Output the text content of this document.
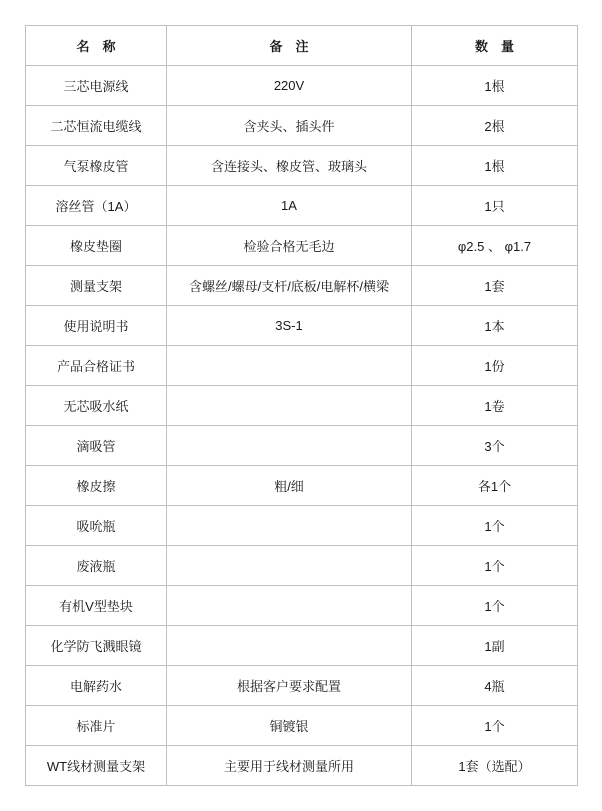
名　称	备　注	数　量
三芯电源线	220V	1根
二芯恒流电缆线	含夹头、插头件	2根
气泵橡皮管	含连接头、橡皮管、玻璃头	1根
溶丝管（1A）	1A	1只
橡皮垫圈	检验合格无毛边	φ2.5 、 φ1.7
测量支架	含螺丝/螺母/支杆/底板/电解杯/横梁	1套
使用说明书	3S-1	1本
产品合格证书		1份
无芯吸水纸		1卷
滴吸管		3个
橡皮擦	粗/细	各1个
吸吮瓶		1个
废液瓶		1个
有机V型垫块		1个
化学防飞溅眼镜		1副
电解药水	根据客户要求配置	4瓶
标准片	铜镀银	1个
WT线材测量支架	主要用于线材测量所用	1套（选配）
